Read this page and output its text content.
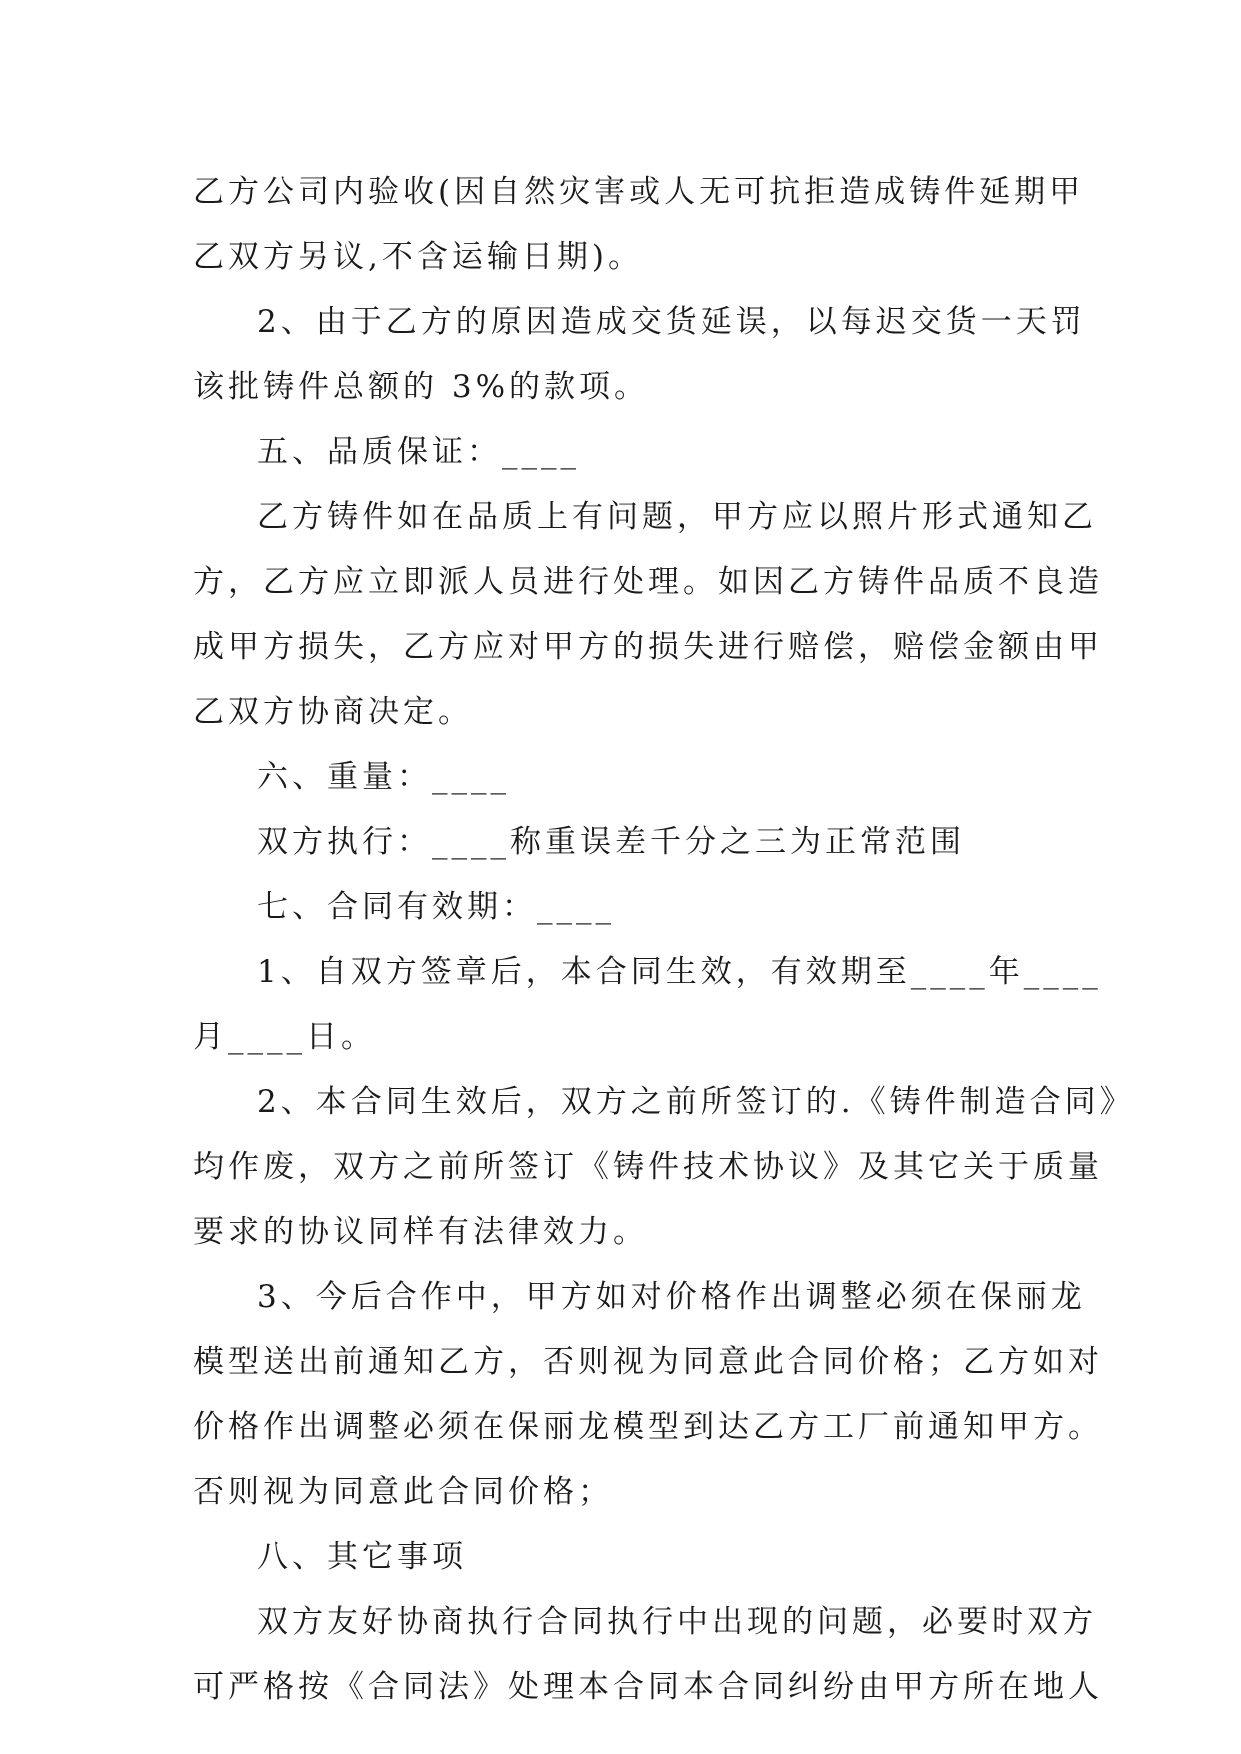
乙方公司内验收(因自然灾害或人无可抗拒造成铸件延期甲
乙双方另议,不含运输日期)。
2、由于乙方的原因造成交货延误，以每迟交货一天罚
该批铸件总额的 3%的款项。
五、品质保证：____
乙方铸件如在品质上有问题，甲方应以照片形式通知乙
方，乙方应立即派人员进行处理。如因乙方铸件品质不良造
成甲方损失，乙方应对甲方的损失进行赔偿，赔偿金额由甲
乙双方协商决定。
六、重量：____
双方执行：____称重误差千分之三为正常范围
七、合同有效期：____
1、自双方签章后，本合同生效，有效期至____年____
月____日。
2、本合同生效后，双方之前所签订的.《铸件制造合同》
均作废，双方之前所签订《铸件技术协议》及其它关于质量
要求的协议同样有法律效力。
3、今后合作中，甲方如对价格作出调整必须在保丽龙
模型送出前通知乙方，否则视为同意此合同价格；乙方如对
价格作出调整必须在保丽龙模型到达乙方工厂前通知甲方。
否则视为同意此合同价格；
八、其它事项
双方友好协商执行合同执行中出现的问题，必要时双方
可严格按《合同法》处理本合同本合同纠纷由甲方所在地人
